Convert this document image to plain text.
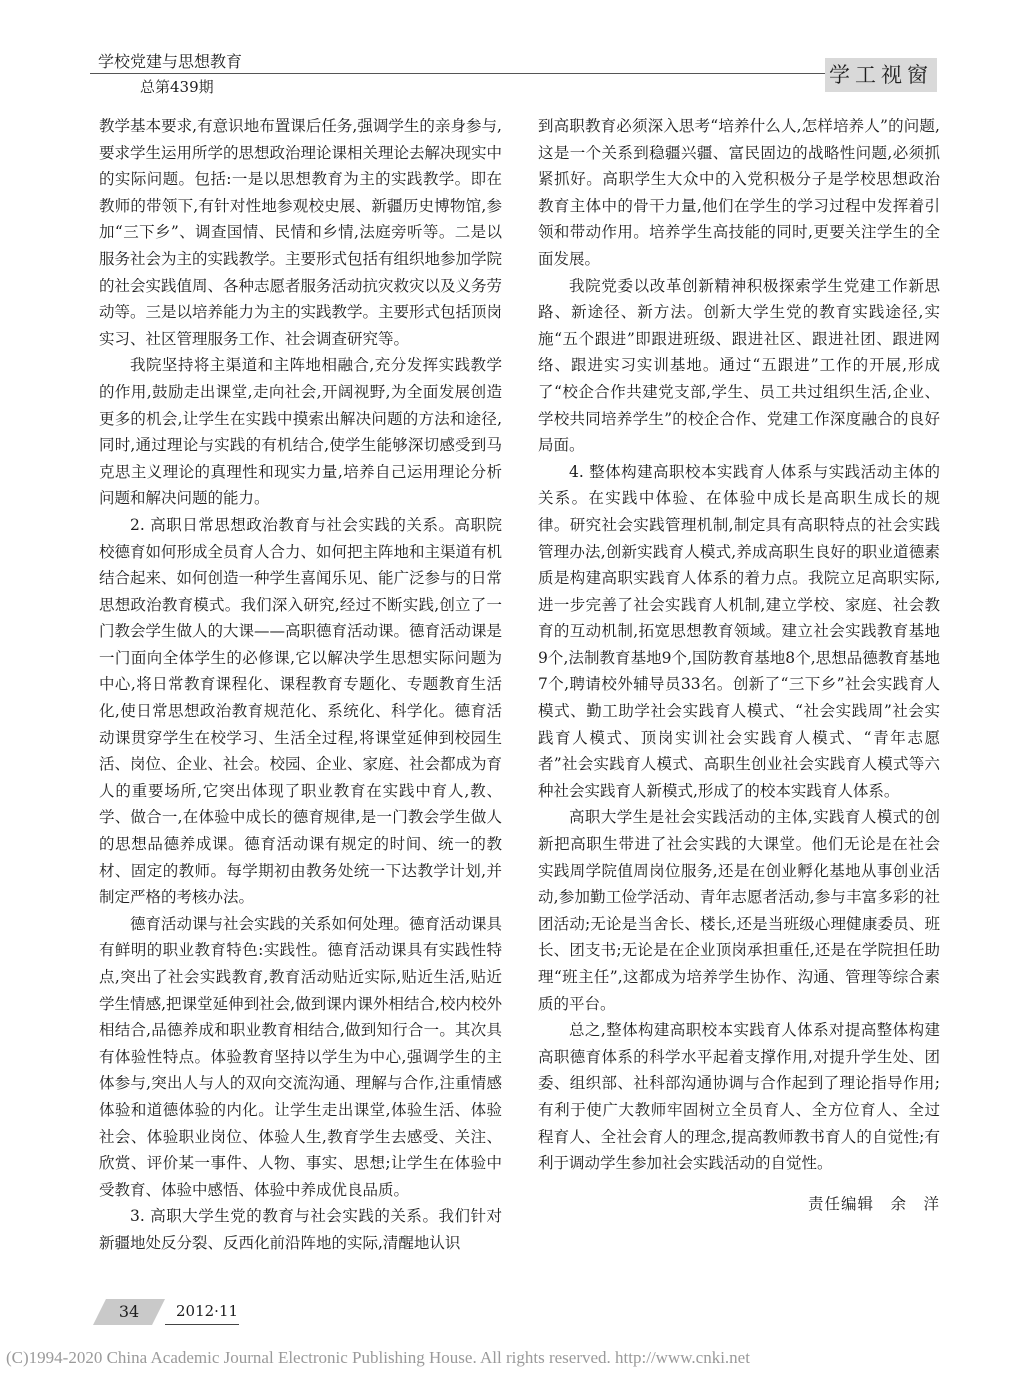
学校党建与思想教育
总第439期	学工视窗

教学基本要求,有意识地布置课后任务,强调学生的亲身参与,要求学生运用所学的思想政治理论课相关理论去解决现实中的实际问题。包括:一是以思想教育为主的实践教学。即在教师的带领下,有针对性地参观校史展、新疆历史博物馆,参加“三下乡”、调查国情、民情和乡情,法庭旁听等。二是以服务社会为主的实践教学。主要形式包括有组织地参加学院的社会实践值周、各种志愿者服务活动抗灾救灾以及义务劳动等。三是以培养能力为主的实践教学。主要形式包括顶岗实习、社区管理服务工作、社会调查研究等。

我院坚持将主渠道和主阵地相融合,充分发挥实践教学的作用,鼓励走出课堂,走向社会,开阔视野,为全面发展创造更多的机会,让学生在实践中摸索出解决问题的方法和途径,同时,通过理论与实践的有机结合,使学生能够深切感受到马克思主义理论的真理性和现实力量,培养自己运用理论分析问题和解决问题的能力。

2. 高职日常思想政治教育与社会实践的关系。高职院校德育如何形成全员育人合力、如何把主阵地和主渠道有机结合起来、如何创造一种学生喜闻乐见、能广泛参与的日常思想政治教育模式。我们深入研究,经过不断实践,创立了一门教会学生做人的大课——高职德育活动课。德育活动课是一门面向全体学生的必修课,它以解决学生思想实际问题为中心,将日常教育课程化、课程教育专题化、专题教育生活化,使日常思想政治教育规范化、系统化、科学化。德育活动课贯穿学生在校学习、生活全过程,将课堂延伸到校园生活、岗位、企业、社会。校园、企业、家庭、社会都成为育人的重要场所,它突出体现了职业教育在实践中育人,教、学、做合一,在体验中成长的德育规律,是一门教会学生做人的思想品德养成课。德育活动课有规定的时间、统一的教材、固定的教师。每学期初由教务处统一下达教学计划,并制定严格的考核办法。

德育活动课与社会实践的关系如何处理。德育活动课具有鲜明的职业教育特色:实践性。德育活动课具有实践性特点,突出了社会实践教育,教育活动贴近实际,贴近生活,贴近学生情感,把课堂延伸到社会,做到课内课外相结合,校内校外相结合,品德养成和职业教育相结合,做到知行合一。其次具有体验性特点。体验教育坚持以学生为中心,强调学生的主体参与,突出人与人的双向交流沟通、理解与合作,注重情感体验和道德体验的内化。让学生走出课堂,体验生活、体验社会、体验职业岗位、体验人生,教育学生去感受、关注、欣赏、评价某一事件、人物、事实、思想;让学生在体验中受教育、体验中感悟、体验中养成优良品质。

3. 高职大学生党的教育与社会实践的关系。我们针对新疆地处反分裂、反西化前沿阵地的实际,清醒地认识

到高职教育必须深入思考“培养什么人,怎样培养人”的问题,这是一个关系到稳疆兴疆、富民固边的战略性问题,必须抓紧抓好。高职学生大众中的入党积极分子是学校思想政治教育主体中的骨干力量,他们在学生的学习过程中发挥着引领和带动作用。培养学生高技能的同时,更要关注学生的全面发展。

我院党委以改革创新精神积极探索学生党建工作新思路、新途径、新方法。创新大学生党的教育实践途径,实施“五个跟进”即跟进班级、跟进社区、跟进社团、跟进网络、跟进实习实训基地。通过“五跟进”工作的开展,形成了“校企合作共建党支部,学生、员工共过组织生活,企业、学校共同培养学生”的校企合作、党建工作深度融合的良好局面。

4. 整体构建高职校本实践育人体系与实践活动主体的关系。在实践中体验、在体验中成长是高职生成长的规律。研究社会实践管理机制,制定具有高职特点的社会实践管理办法,创新实践育人模式,养成高职生良好的职业道德素质是构建高职实践育人体系的着力点。我院立足高职实际,进一步完善了社会实践育人机制,建立学校、家庭、社会教育的互动机制,拓宽思想教育领域。建立社会实践教育基地9个,法制教育基地9个,国防教育基地8个,思想品德教育基地7个,聘请校外辅导员33名。创新了“三下乡”社会实践育人模式、勤工助学社会实践育人模式、“社会实践周”社会实践育人模式、顶岗实训社会实践育人模式、“青年志愿者”社会实践育人模式、高职生创业社会实践育人模式等六种社会实践育人新模式,形成了的校本实践育人体系。

高职大学生是社会实践活动的主体,实践育人模式的创新把高职生带进了社会实践的大课堂。他们无论是在社会实践周学院值周岗位服务,还是在创业孵化基地从事创业活动,参加勤工俭学活动、青年志愿者活动,参与丰富多彩的社团活动;无论是当舍长、楼长,还是当班级心理健康委员、班长、团支书;无论是在企业顶岗承担重任,还是在学院担任助理“班主任”,这都成为培养学生协作、沟通、管理等综合素质的平台。

总之,整体构建高职校本实践育人体系对提高整体构建高职德育体系的科学水平起着支撑作用,对提升学生处、团委、组织部、社科部沟通协调与合作起到了理论指导作用;有利于使广大教师牢固树立全员育人、全方位育人、全过程育人、全社会育人的理念,提高教师教书育人的自觉性;有利于调动学生参加社会实践活动的自觉性。

责任编辑　余　洋

34	2012·11
(C)1994-2020 China Academic Journal Electronic Publishing House. All rights reserved. http://www.cnki.net
